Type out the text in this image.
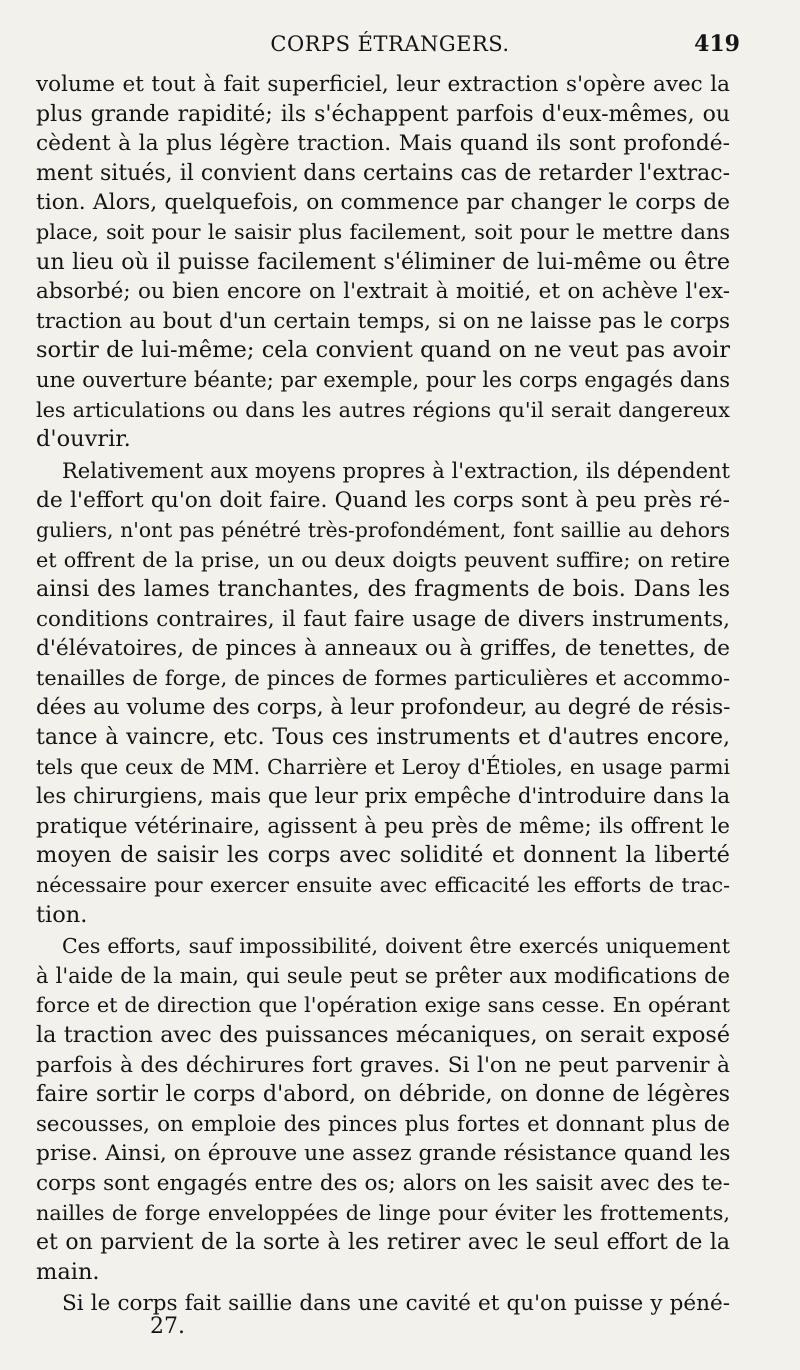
CORPS ÉTRANGERS.	419
volume et tout à fait superficiel, leur extraction s'opère avec la
plus grande rapidité; ils s'échappent parfois d'eux-mêmes, ou
cèdent à la plus légère traction. Mais quand ils sont profondé-
ment situés, il convient dans certains cas de retarder l'extrac-
tion. Alors, quelquefois, on commence par changer le corps de
place, soit pour le saisir plus facilement, soit pour le mettre dans
un lieu où il puisse facilement s'éliminer de lui-même ou être
absorbé; ou bien encore on l'extrait à moitié, et on achève l'ex-
traction au bout d'un certain temps, si on ne laisse pas le corps
sortir de lui-même; cela convient quand on ne veut pas avoir
une ouverture béante; par exemple, pour les corps engagés dans
les articulations ou dans les autres régions qu'il serait dangereux
d'ouvrir.
Relativement aux moyens propres à l'extraction, ils dépendent
de l'effort qu'on doit faire. Quand les corps sont à peu près ré-
guliers, n'ont pas pénétré très-profondément, font saillie au dehors
et offrent de la prise, un ou deux doigts peuvent suffire; on retire
ainsi des lames tranchantes, des fragments de bois. Dans les
conditions contraires, il faut faire usage de divers instruments,
d'élévatoires, de pinces à anneaux ou à griffes, de tenettes, de
tenailles de forge, de pinces de formes particulières et accommo-
dées au volume des corps, à leur profondeur, au degré de résis-
tance à vaincre, etc. Tous ces instruments et d'autres encore,
tels que ceux de MM. Charrière et Leroy d'Étioles, en usage parmi
les chirurgiens, mais que leur prix empêche d'introduire dans la
pratique vétérinaire, agissent à peu près de même; ils offrent le
moyen de saisir les corps avec solidité et donnent la liberté
nécessaire pour exercer ensuite avec efficacité les efforts de trac-
tion.
Ces efforts, sauf impossibilité, doivent être exercés uniquement
à l'aide de la main, qui seule peut se prêter aux modifications de
force et de direction que l'opération exige sans cesse. En opérant
la traction avec des puissances mécaniques, on serait exposé
parfois à des déchirures fort graves. Si l'on ne peut parvenir à
faire sortir le corps d'abord, on débride, on donne de légères
secousses, on emploie des pinces plus fortes et donnant plus de
prise. Ainsi, on éprouve une assez grande résistance quand les
corps sont engagés entre des os; alors on les saisit avec des te-
nailles de forge enveloppées de linge pour éviter les frottements,
et on parvient de la sorte à les retirer avec le seul effort de la
main.
Si le corps fait saillie dans une cavité et qu'on puisse y péné-
27.
